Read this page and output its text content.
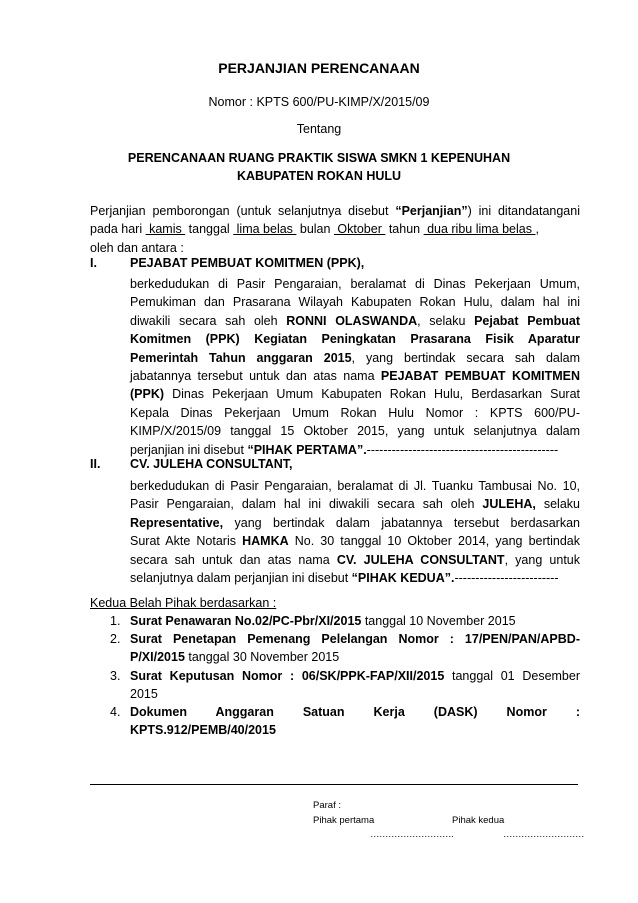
PERJANJIAN PERENCANAAN
Nomor : KPTS 600/PU-KIMP/X/2015/09
Tentang
PERENCANAAN RUANG PRAKTIK SISWA SMKN 1 KEPENUHAN
KABUPATEN ROKAN HULU
Perjanjian pemborongan (untuk selanjutnya disebut “Perjanjian”) ini ditandatangani
pada hari  kamis  tanggal  lima belas  bulan  Oktober  tahun  dua ribu lima belas ,
oleh dan antara :
I.	PEJABAT PEMBUAT KOMITMEN (PPK),
berkedudukan di Pasir Pengaraian, beralamat di Dinas Pekerjaan Umum,
Pemukiman dan Prasarana Wilayah Kabupaten Rokan Hulu, dalam hal ini
diwakili secara sah oleh RONNI OLASWANDA, selaku Pejabat Pembuat
Komitmen (PPK) Kegiatan Peningkatan Prasarana Fisik Aparatur
Pemerintah Tahun anggaran 2015, yang bertindak secara sah dalam
jabatannya tersebut untuk dan atas nama PEJABAT PEMBUAT KOMITMEN
(PPK) Dinas Pekerjaan Umum Kabupaten Rokan Hulu, Berdasarkan Surat
Kepala Dinas Pekerjaan Umum Rokan Hulu Nomor : KPTS 600/PU-
KIMP/X/2015/09 tanggal 15 Oktober 2015, yang untuk selanjutnya dalam
perjanjian ini disebut “PIHAK PERTAMA”.----------------------------------------------
II. CV. JULEHA CONSULTANT,
berkedudukan di Pasir Pengaraian, beralamat di Jl. Tuanku Tambusai No. 10,
Pasir Pengaraian, dalam hal ini diwakili secara sah oleh JULEHA, selaku
Representative, yang bertindak dalam jabatannya tersebut berdasarkan
Surat Akte Notaris HAMKA No. 30 tanggal 10 Oktober 2014, yang bertindak
secara sah untuk dan atas nama CV. JULEHA CONSULTANT, yang untuk
selanjutnya dalam perjanjian ini disebut “PIHAK KEDUA”.-------------------------
Kedua Belah Pihak berdasarkan :
1. Surat Penawaran No.02/PC-Pbr/XI/2015 tanggal 10 November 2015
2. Surat Penetapan Pemenang Pelelangan Nomor : 17/PEN/PAN/APBD-
P/XI/2015 tanggal 30 November 2015
3. Surat Keputusan Nomor : 06/SK/PPK-FAP/XII/2015 tanggal 01 Desember
2015
4. Dokumen Anggaran Satuan Kerja (DASK) Nomor :
KPTS.912/PEMB/40/2015
Paraf :
Pihak pertama	Pihak kedua
……………………….	………………………
